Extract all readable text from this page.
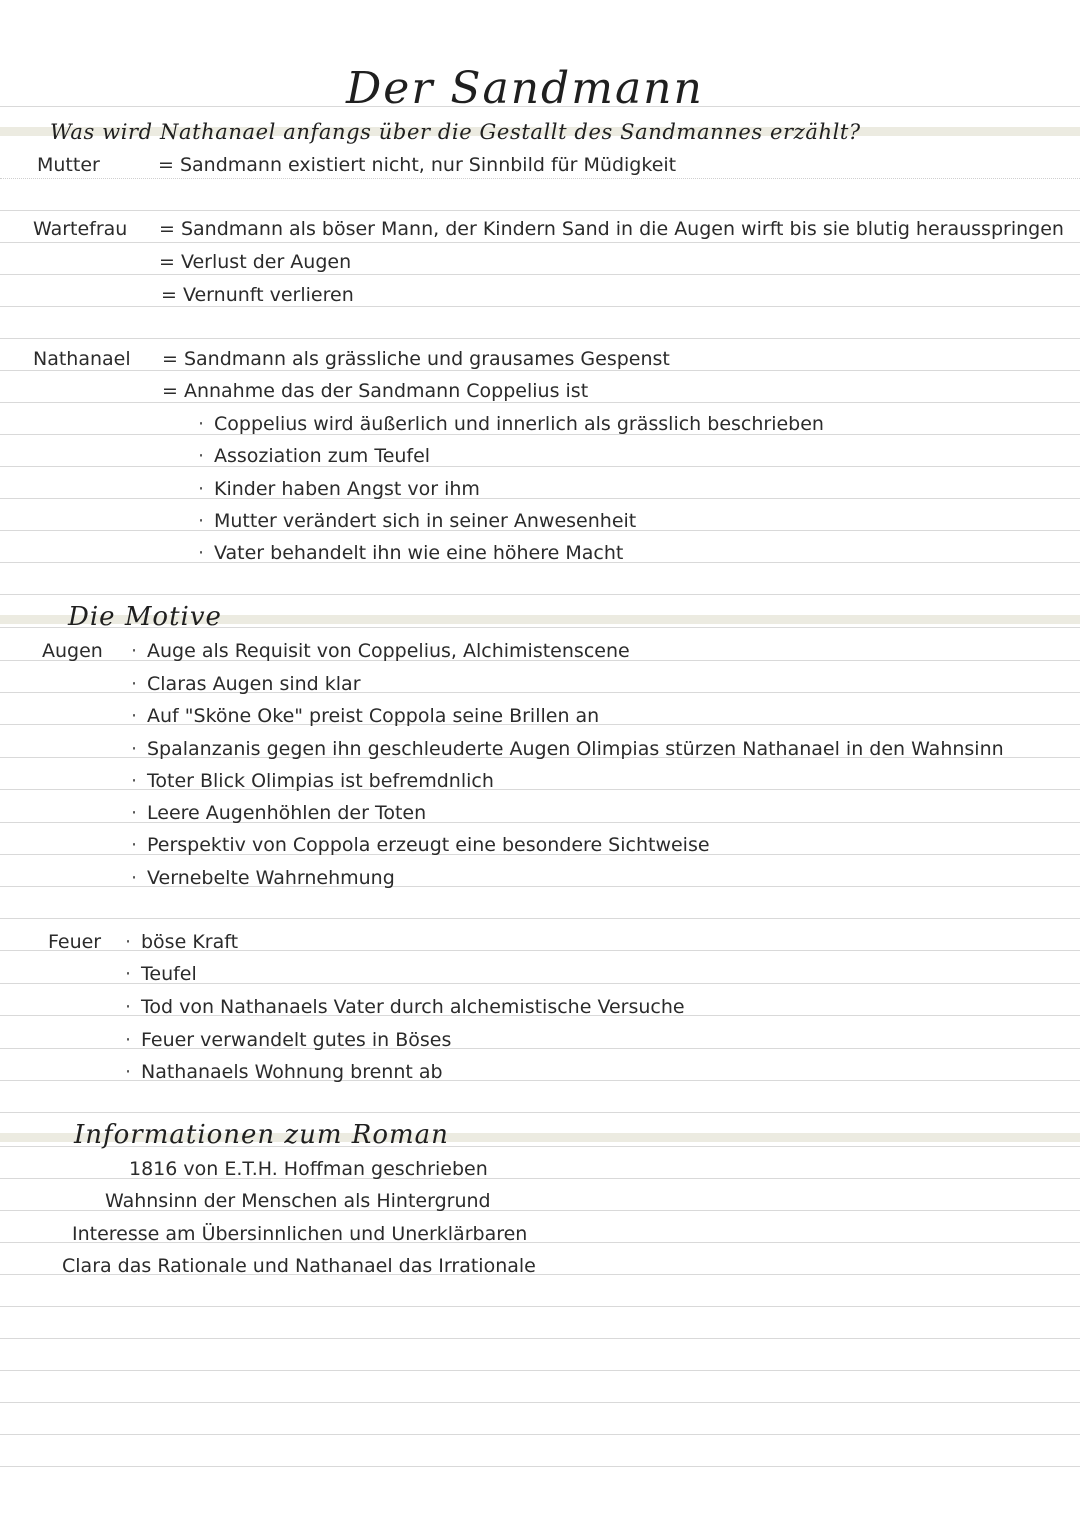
Der Sandmann
Was wird Nathanael anfangs über die Gestallt des Sandmannes erzählt?
Mutter	= Sandmann existiert nicht, nur Sinnbild für Müdigkeit
Wartefrau = Sandmann als böser Mann, der Kindern Sand in die Augen wirft bis sie blutig herausspringen
= Verlust der Augen
= Vernunft verlieren
Nathanael = Sandmann als grässliche und grausames Gespenst
= Annahme das der Sandmann Coppelius ist
· Coppelius wird äußerlich und innerlich als grässlich beschrieben
· Assoziation zum Teufel
· Kinder haben Angst vor ihm
· Mutter verändert sich in seiner Anwesenheit
· Vater behandelt ihn wie eine höhere Macht
Die Motive
Augen · Auge als Requisit von Coppelius, Alchimistenscene
· Claras Augen sind klar
· Auf "Sköne Oke" preist Coppola seine Brillen an
· Spalanzanis gegen ihn geschleuderte Augen Olimpias stürzen Nathanael in den Wahnsinn
· Toter Blick Olimpias ist befremdnlich
· Leere Augenhöhlen der Toten
· Perspektiv von Coppola erzeugt eine besondere Sichtweise
· Vernebelte Wahrnehmung
Feuer · böse Kraft
· Teufel
· Tod von Nathanaels Vater durch alchemistische Versuche
· Feuer verwandelt gutes in Böses
· Nathanaels Wohnung brennt ab
Informationen zum Roman
1816 von E.T.H. Hoffman geschrieben
Wahnsinn der Menschen als Hintergrund
Interesse am Übersinnlichen und Unerklärbaren
Clara das Rationale und Nathanael das Irrationale
